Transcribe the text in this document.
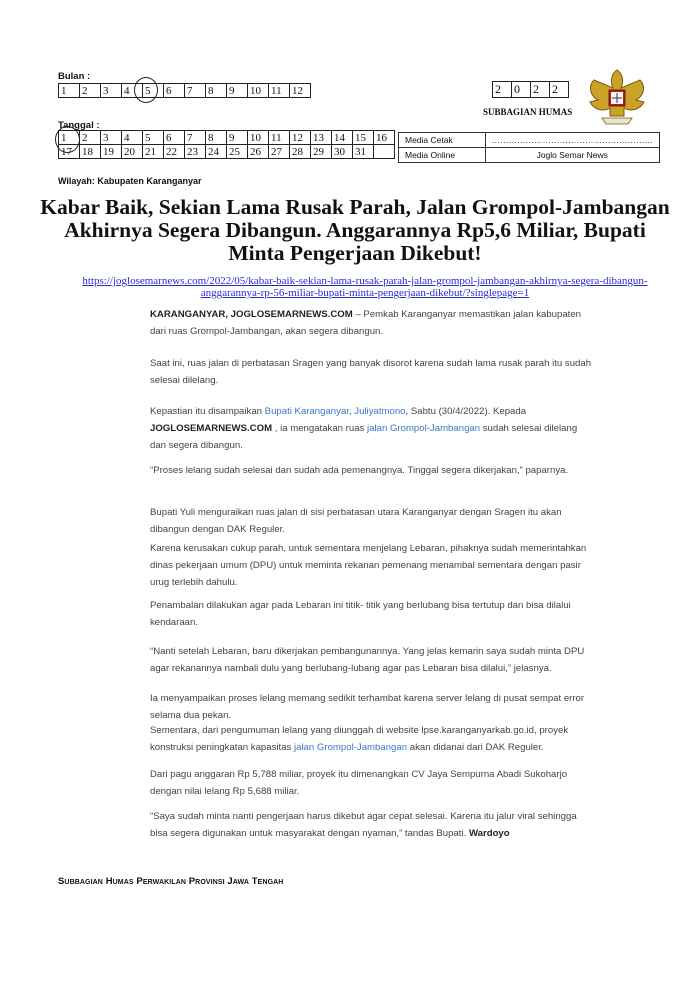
Bulan :
1	2	3	4	5	6	7	8	9	10	11	12	2	0	2	2
SUBBAGIAN HUMAS
Tanggal :
1	2	3	4	5	6	7	8	9	10	11	12	13	14	15	16
17	18	19	20	21	22	23	24	25	26	27	28	29	30	31	
Media Cetak	…………………………………………………
Media Online	Joglo Semar News
Wilayah: Kabupaten Karanganyar
Kabar Baik, Sekian Lama Rusak Parah, Jalan Grompol-Jambangan Akhirnya Segera Dibangun. Anggarannya Rp5,6 Miliar, Bupati Minta Pengerjaan Dikebut!
https://joglosemarnews.com/2022/05/kabar-baik-sekian-lama-rusak-parah-jalan-grompol-jambangan-akhirnya-segera-dibangun-anggarannya-rp-56-miliar-bupati-minta-pengerjaan-dikebut/?singlepage=1

KARANGANYAR, JOGLOSEMARNEWS.COM – Pemkab Karanganyar memastikan jalan kabupaten dari ruas Grompol-Jambangan, akan segera dibangun.

Saat ini, ruas jalan di perbatasan Sragen yang banyak disorot karena sudah lama rusak parah itu sudah selesai dilelang.

Kepastian itu disampaikan Bupati Karanganyar, Juliyatmono, Sabtu (30/4/2022). Kepada JOGLOSEMARNEWS.COM , ia mengatakan ruas jalan Grompol-Jambangan sudah selesai dilelang dan segera dibangun.

“Proses lelang sudah selesai dan sudah ada pemenangnya. Tinggal segera dikerjakan,” paparnya.

Bupati Yuli menguraikan ruas jalan di sisi perbatasan utara Karanganyar dengan Sragen itu akan dibangun dengan DAK Reguler.

Karena kerusakan cukup parah, untuk sementara menjelang Lebaran, pihaknya sudah memerintahkan dinas pekerjaan umum (DPU) untuk meminta rekanan pemenang menambal sementara dengan pasir urug terlebih dahulu.

Penambalan dilakukan agar pada Lebaran ini titik- titik yang berlubang bisa tertutup dan bisa dilalui kendaraan.

“Nanti setelah Lebaran, baru dikerjakan pembangunannya. Yang jelas kemarin saya sudah minta DPU agar rekanannya nambali dulu yang berlubang-lubang agar pas Lebaran bisa dilalui,” jelasnya.

Ia menyampaikan proses lelang memang sedikit terhambat karena server lelang di pusat sempat error selama dua pekan.

Sementara, dari pengumuman lelang yang diunggah di website lpse.karanganyarkab.go.id, proyek konstruksi peningkatan kapasitas jalan Grompol-Jambangan akan didanai dari DAK Reguler.

Dari pagu anggaran Rp 5,788 miliar, proyek itu dimenangkan CV Jaya Sempurna Abadi Sukoharjo dengan nilai lelang Rp 5,688 miliar.

“Saya sudah minta nanti pengerjaan harus dikebut agar cepat selesai. Karena itu jalur viral sehingga bisa segera digunakan untuk masyarakat dengan nyaman,” tandas Bupati. Wardoyo

Subbagian Humas Perwakilan Provinsi Jawa Tengah
